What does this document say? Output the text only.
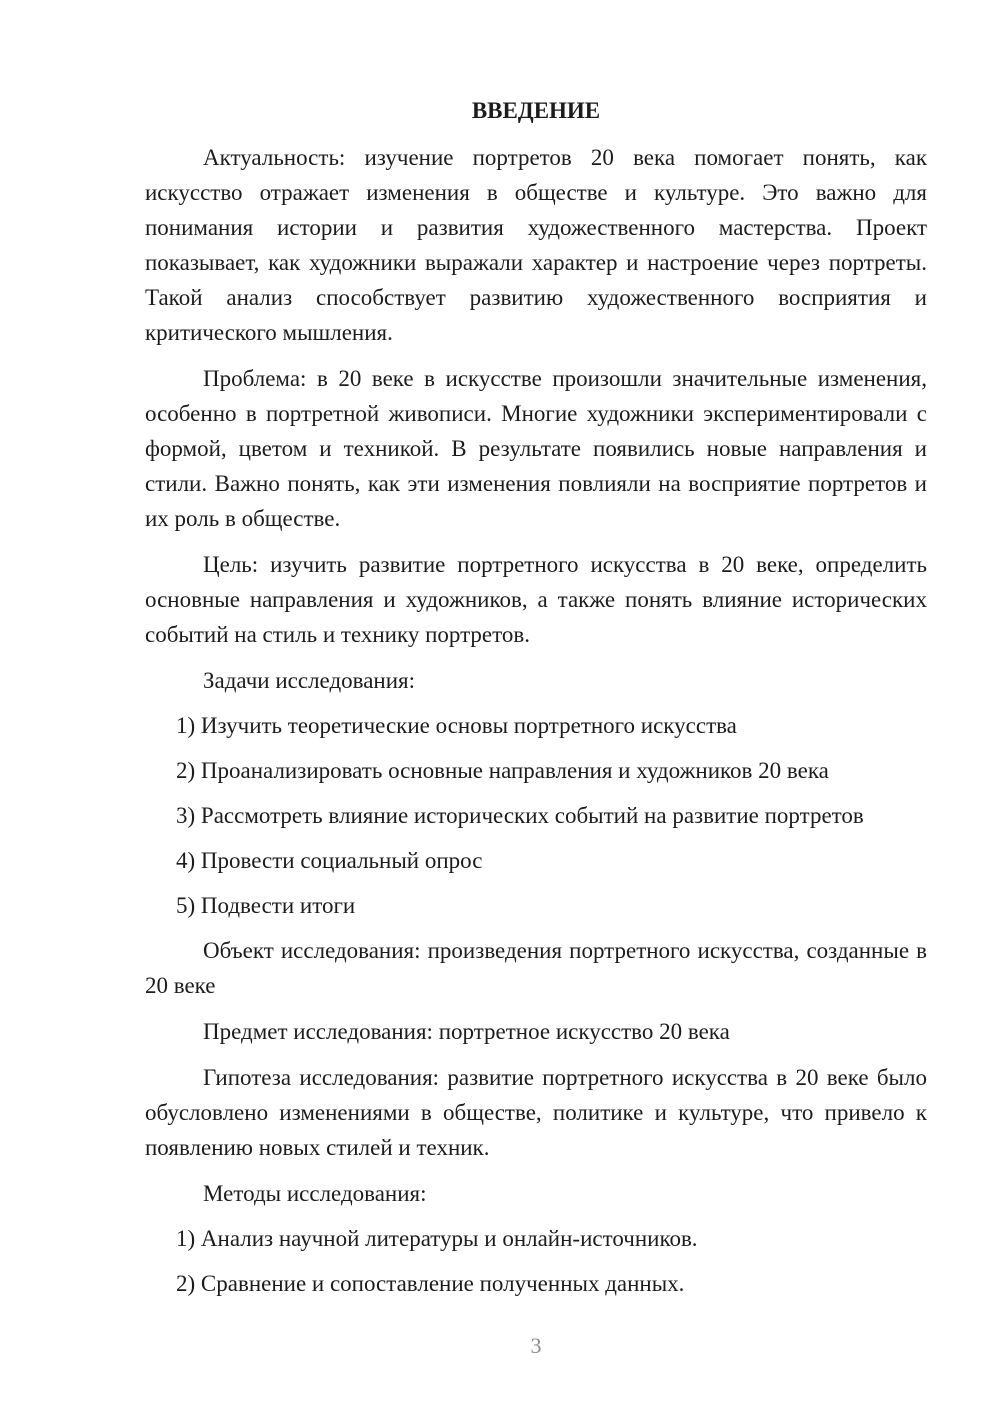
ВВЕДЕНИЕ

Актуальность: изучение портретов 20 века помогает понять, как искусство отражает изменения в обществе и культуре. Это важно для понимания истории и развития художественного мастерства. Проект показывает, как художники выражали характер и настроение через портреты. Такой анализ способствует развитию художественного восприятия и критического мышления.

Проблема: в 20 веке в искусстве произошли значительные изменения, особенно в портретной живописи. Многие художники экспериментировали с формой, цветом и техникой. В результате появились новые направления и стили. Важно понять, как эти изменения повлияли на восприятие портретов и их роль в обществе.

Цель: изучить развитие портретного искусства в 20 веке, определить основные направления и художников, а также понять влияние исторических событий на стиль и технику портретов.

Задачи исследования:

1) Изучить теоретические основы портретного искусства

2) Проанализировать основные направления и художников 20 века

3) Рассмотреть влияние исторических событий на развитие портретов

4) Провести социальный опрос

5) Подвести итоги

Объект исследования: произведения портретного искусства, созданные в 20 веке

Предмет исследования: портретное искусство 20 века

Гипотеза исследования: развитие портретного искусства в 20 веке было обусловлено изменениями в обществе, политике и культуре, что привело к появлению новых стилей и техник.

Методы исследования:

1) Анализ научной литературы и онлайн-источников.

2) Сравнение и сопоставление полученных данных.

3
